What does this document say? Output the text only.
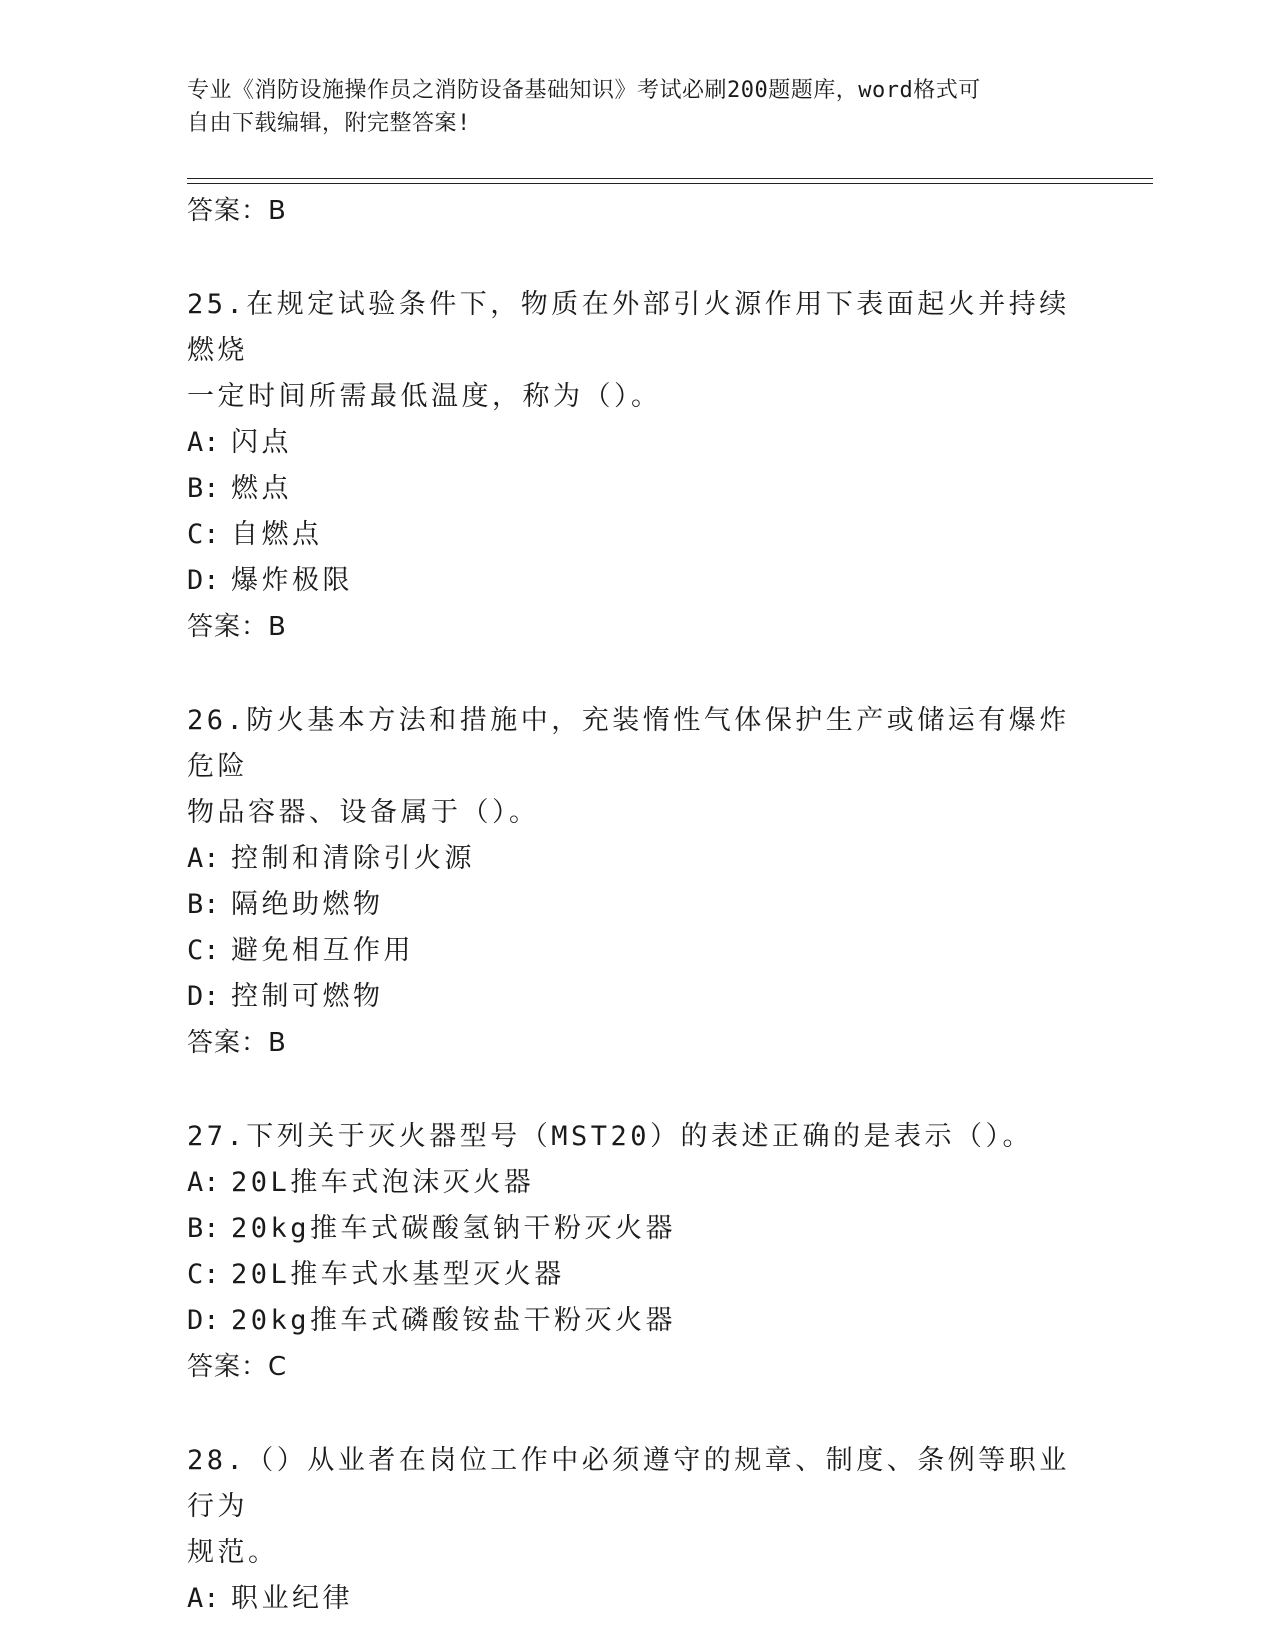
专业《消防设施操作员之消防设备基础知识》考试必刷200题题库，word格式可
自由下载编辑，附完整答案!
答案：B
25.在规定试验条件下，物质在外部引火源作用下表面起火并持续燃烧
一定时间所需最低温度，称为（）。
A: 闪点
B: 燃点
C: 自燃点
D: 爆炸极限
答案：B
26.防火基本方法和措施中，充装惰性气体保护生产或储运有爆炸危险
物品容器、设备属于（）。
A: 控制和清除引火源
B: 隔绝助燃物
C: 避免相互作用
D: 控制可燃物
答案：B
27.下列关于灭火器型号（MST20）的表述正确的是表示（）。
A: 20L推车式泡沫灭火器
B: 20kg推车式碳酸氢钠干粉灭火器
C: 20L推车式水基型灭火器
D: 20kg推车式磷酸铵盐干粉灭火器
答案：C
28.（）从业者在岗位工作中必须遵守的规章、制度、条例等职业行为
规范。
A: 职业纪律
